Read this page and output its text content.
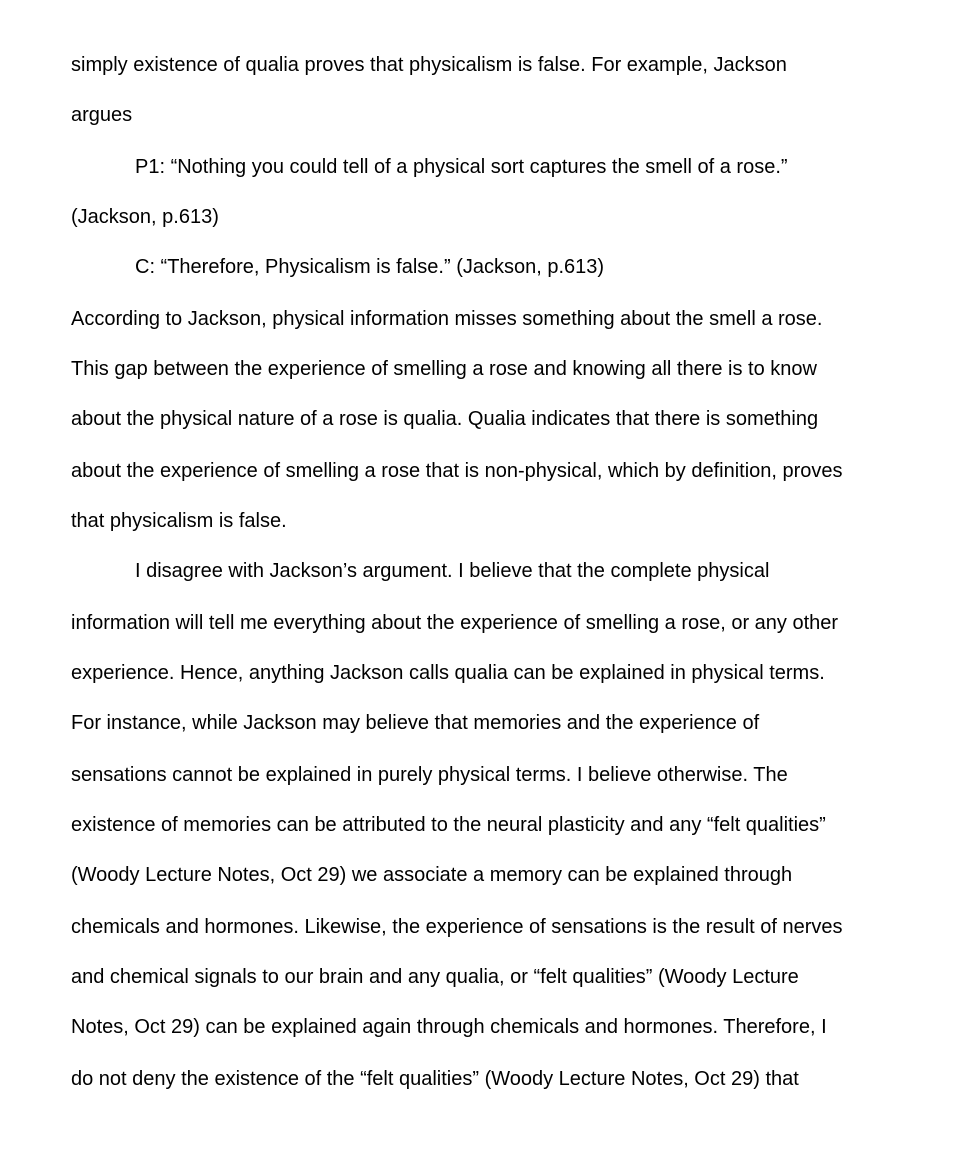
simply existence of qualia proves that physicalism is false. For example, Jackson
argues
P1: “Nothing you could tell of a physical sort captures the smell of a rose.”
(Jackson, p.613)
C: “Therefore, Physicalism is false.” (Jackson, p.613)
According to Jackson, physical information misses something about the smell a rose.
This gap between the experience of smelling a rose and knowing all there is to know
about the physical nature of a rose is qualia. Qualia indicates that there is something
about the experience of smelling a rose that is non-physical, which by definition, proves
that physicalism is false.
I disagree with Jackson’s argument. I believe that the complete physical
information will tell me everything about the experience of smelling a rose, or any other
experience. Hence, anything Jackson calls qualia can be explained in physical terms.
For instance, while Jackson may believe that memories and the experience of
sensations cannot be explained in purely physical terms. I believe otherwise. The
existence of memories can be attributed to the neural plasticity and any “felt qualities”
(Woody Lecture Notes, Oct 29) we associate a memory can be explained through
chemicals and hormones. Likewise, the experience of sensations is the result of nerves
and chemical signals to our brain and any qualia, or “felt qualities” (Woody Lecture
Notes, Oct 29) can be explained again through chemicals and hormones. Therefore, I
do not deny the existence of the “felt qualities” (Woody Lecture Notes, Oct 29) that
